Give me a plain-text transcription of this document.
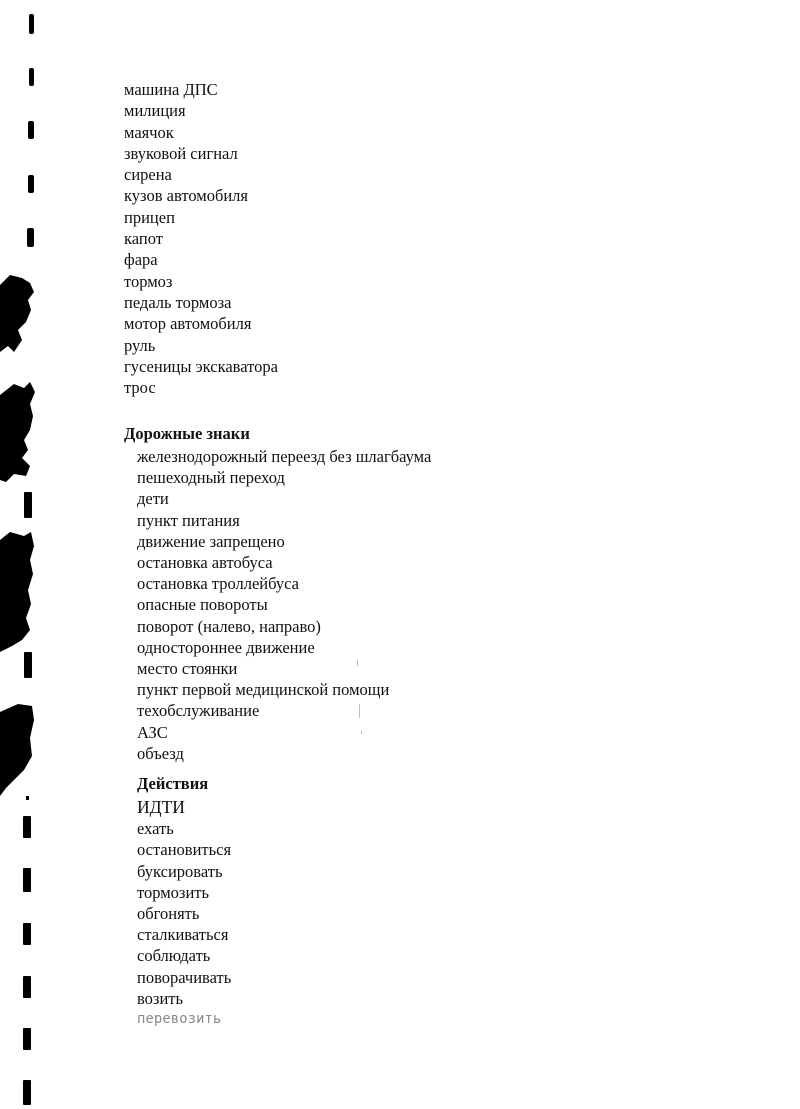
машина ДПС
милиция
маячок
звуковой сигнал
сирена
кузов автомобиля
прицеп
капот
фара
тормоз
педаль тормоза
мотор автомобиля
руль
гусеницы экскаватора
трос
Дорожные знаки
железнодорожный переезд без шлагбаума
пешеходный переход
дети
пункт питания
движение запрещено
остановка автобуса
остановка троллейбуса
опасные повороты
поворот (налево, направо)
одностороннее движение
место стоянки
пункт первой медицинской помощи
техобслуживание
АЗС
объезд
Действия
ИДТИ
ехать
остановиться
буксировать
тормозить
обгонять
сталкиваться
соблюдать
поворачивать
возить
перевозить
